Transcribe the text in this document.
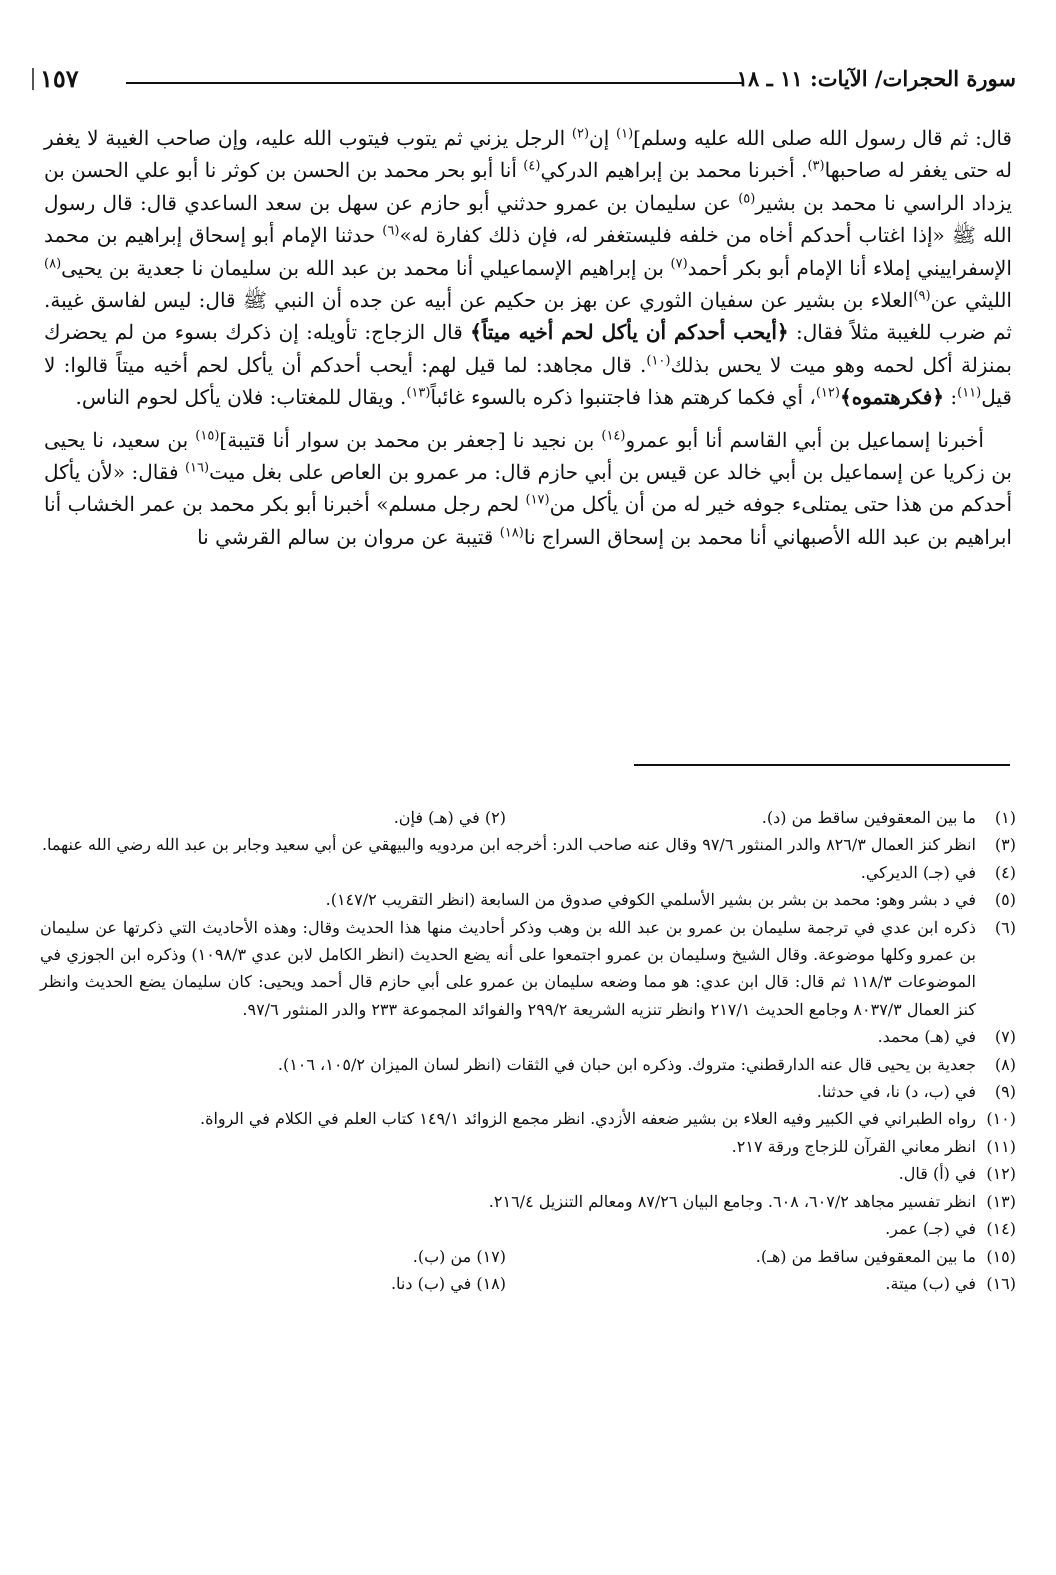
سورة الحجرات/ الآيات: ١١ ـ ١٨
١٥٧

قال: ثم قال رسول الله صلى الله عليه وسلم]$^{(١)}$ إن$^{(٢)}$ الرجل يزني ثم يتوب فيتوب الله عليه، وإن صاحب الغيبة لا يغفر له حتى يغفر له صاحبها$^{(٣)}$. أخبرنا محمد بن إبراهيم الدركي$^{(٤)}$ أنا أبو بحر محمد بن الحسن بن كوثر نا أبو علي الحسن بن يزداد الراسي نا محمد بن بشير$^{(٥)}$ عن سليمان بن عمرو حدثني أبو حازم عن سهل بن سعد الساعدي قال: قال رسول الله ﷺ «إذا اغتاب أحدكم أخاه من خلفه فليستغفر له، فإن ذلك كفارة له»$^{(٦)}$ حدثنا الإمام أبو إسحاق إبراهيم بن محمد الإسفراييني إملاء أنا الإمام أبو بكر أحمد$^{(٧)}$ بن إبراهيم الإسماعيلي أنا محمد بن عبد الله بن سليمان نا جعدية بن يحيى$^{(٨)}$ الليثي عن$^{(٩)}$العلاء بن بشير عن سفيان الثوري عن بهز بن حكيم عن أبيه عن جده أن النبي ﷺ قال: ليس لفاسق غيبة. ثم ضرب للغيبة مثلاً فقال: ﴿أيحب أحدكم أن يأكل لحم أخيه ميتاً﴾ قال الزجاج: تأويله: إن ذكرك بسوء من لم يحضرك بمنزلة أكل لحمه وهو ميت لا يحس بذلك$^{(١٠)}$. قال مجاهد: لما قيل لهم: أيحب أحدكم أن يأكل لحم أخيه ميتاً قالوا: لا قيل$^{(١١)}$: ﴿فكرهتموه﴾$^{(١٢)}$، أي فكما كرهتم هذا فاجتنبوا ذكره بالسوء غائباً$^{(١٣)}$. ويقال للمغتاب: فلان يأكل لحوم الناس.

أخبرنا إسماعيل بن أبي القاسم أنا أبو عمرو$^{(١٤)}$ بن نجيد نا [جعفر بن محمد بن سوار أنا قتيبة]$^{(١٥)}$ بن سعيد، نا يحيى بن زكريا عن إسماعيل بن أبي خالد عن قيس بن أبي حازم قال: مر عمرو بن العاص على بغل ميت$^{(١٦)}$ فقال: «لأن يأكل أحدكم من هذا حتى يمتلىء جوفه خير له من أن يأكل من$^{(١٧)}$ لحم رجل مسلم» أخبرنا أبو بكر محمد بن عمر الخشاب أنا ابراهيم بن عبد الله الأصبهاني أنا محمد بن إسحاق السراج نا$^{(١٨)}$ قتيبة عن مروان بن سالم القرشي نا

(١)
ما بين المعقوفين ساقط من (د).
(٢) في (هـ) فإن.
(٣)
انظر كنز العمال ٨٢٦/٣ والدر المنثور ٩٧/٦ وقال عنه صاحب الدر: أخرجه ابن مردويه والبيهقي عن أبي سعيد وجابر بن عبد الله رضي الله عنهما.
(٤)
في (جـ) الديركي.
(٥)
في د بشر وهو: محمد بن بشر بن بشير الأسلمي الكوفي صدوق من السابعة (انظر التقريب ١٤٧/٢).
(٦)
ذكره ابن عدي في ترجمة سليمان بن عمرو بن عبد الله بن وهب وذكر أحاديث منها هذا الحديث وقال: وهذه الأحاديث التي ذكرتها عن سليمان بن عمرو وكلها موضوعة. وقال الشيخ وسليمان بن عمرو اجتمعوا على أنه يضع الحديث (انظر الكامل لابن عدي ١٠٩٨/٣) وذكره ابن الجوزي في الموضوعات ١١٨/٣ ثم قال: قال ابن عدي: هو مما وضعه سليمان بن عمرو على أبي حازم قال أحمد ويحيى: كان سليمان يضع الحديث وانظر كنز العمال ٨٠٣٧/٣ وجامع الحديث ٢١٧/١ وانظر تنزيه الشريعة ٢٩٩/٢ والفوائد المجموعة ٢٣٣ والدر المنثور ٩٧/٦.
(٧)
في (هـ) محمد.
(٨)
جعدية بن يحيى قال عنه الدارقطني: متروك. وذكره ابن حبان في الثقات (انظر لسان الميزان ١٠٥/٢، ١٠٦).
(٩)
في (ب، د) نا، في حدثنا.
(١٠)
رواه الطبراني في الكبير وفيه العلاء بن بشير ضعفه الأزدي. انظر مجمع الزوائد ١٤٩/١ كتاب العلم في الكلام في الرواة.
(١١)
انظر معاني القرآن للزجاج ورقة ٢١٧.
(١٢)
في (أ) قال.
(١٣)
انظر تفسير مجاهد ٦٠٧/٢، ٦٠٨. وجامع البيان ٨٧/٢٦ ومعالم التنزيل ٢١٦/٤.
(١٤)
في (جـ) عمر.
(١٥)
ما بين المعقوفين ساقط من (هـ).
(١٧) من (ب).
(١٦)
في (ب) ميتة.
(١٨) في (ب) دنا.
